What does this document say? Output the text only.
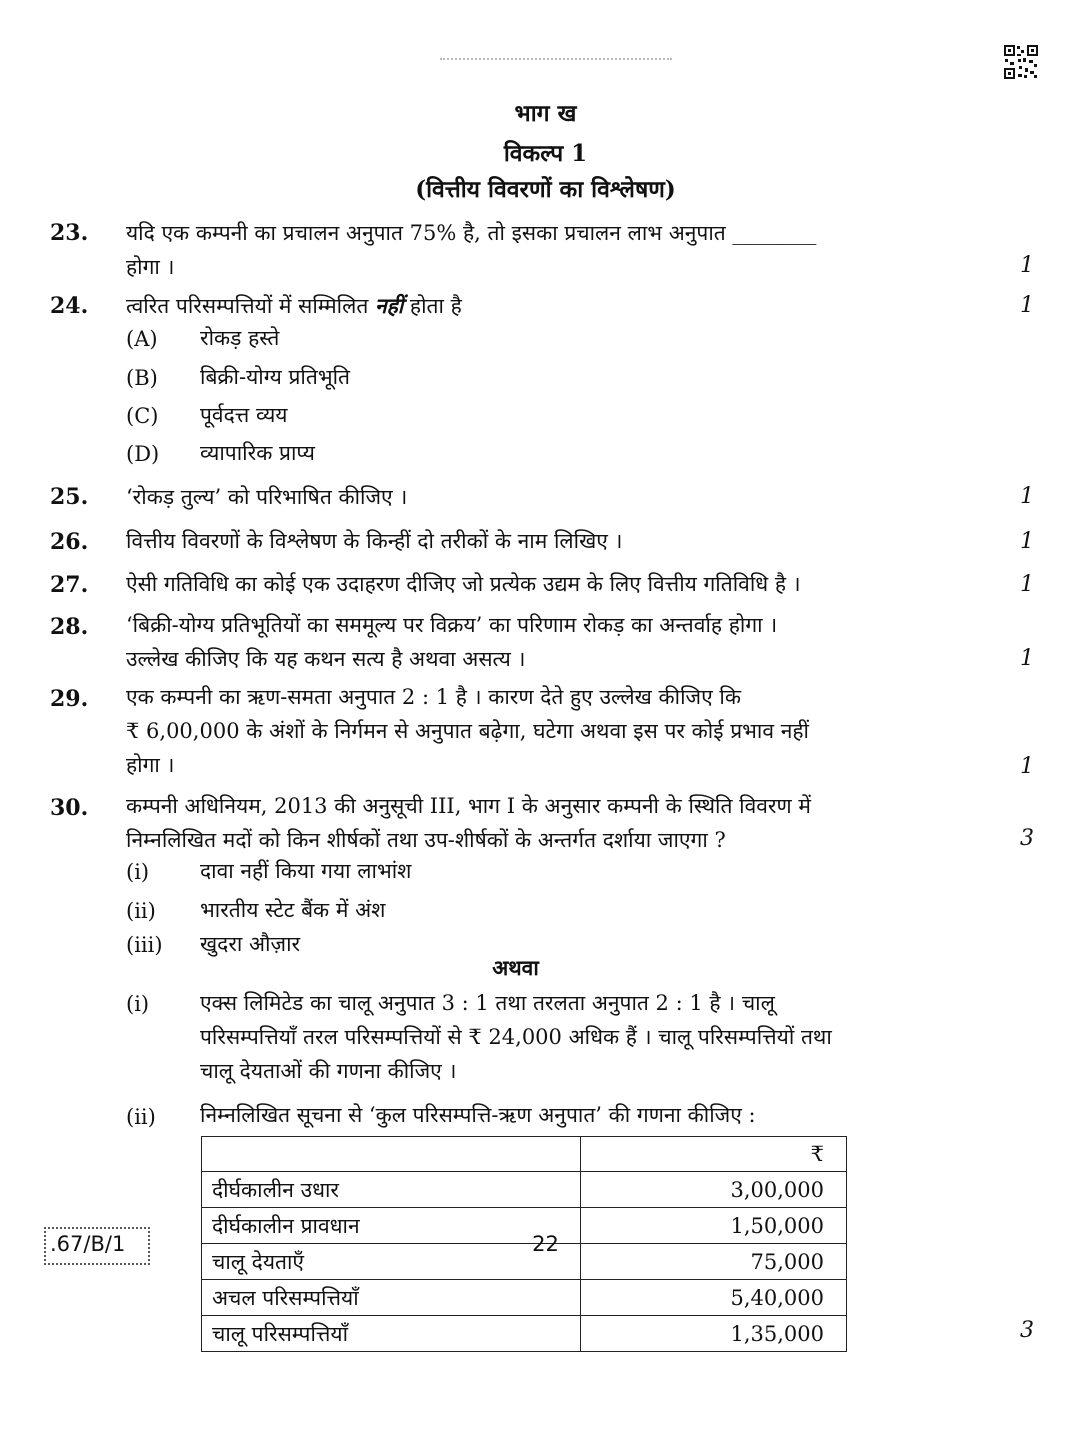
भाग ख
विकल्प 1
(वित्तीय विवरणों का विश्लेषण)
23. यदि एक कम्पनी का प्रचालन अनुपात 75% है, तो इसका प्रचालन लाभ अनुपात ________
होगा ।	1
24. त्वरित परिसम्पत्तियों में सम्मिलित नहीं होता है	1
(A) रोकड़ हस्ते
(B) बिक्री-योग्य प्रतिभूति
(C) पूर्वदत्त व्यय
(D) व्यापारिक प्राप्य
25. ‘रोकड़ तुल्य’ को परिभाषित कीजिए ।	1
26. वित्तीय विवरणों के विश्लेषण के किन्हीं दो तरीकों के नाम लिखिए ।	1
27. ऐसी गतिविधि का कोई एक उदाहरण दीजिए जो प्रत्येक उद्यम के लिए वित्तीय गतिविधि है ।	1
28. ‘बिक्री-योग्य प्रतिभूतियों का सममूल्य पर विक्रय’ का परिणाम रोकड़ का अन्तर्वाह होगा ।
उल्लेख कीजिए कि यह कथन सत्य है अथवा असत्य ।	1
29. एक कम्पनी का ऋण-समता अनुपात 2 : 1 है । कारण देते हुए उल्लेख कीजिए कि
₹ 6,00,000 के अंशों के निर्गमन से अनुपात बढ़ेगा, घटेगा अथवा इस पर कोई प्रभाव नहीं
होगा ।	1
30. कम्पनी अधिनियम, 2013 की अनुसूची III, भाग I के अनुसार कम्पनी के स्थिति विवरण में
निम्नलिखित मदों को किन शीर्षकों तथा उप-शीर्षकों के अन्तर्गत दर्शाया जाएगा ?	3
(i) दावा नहीं किया गया लाभांश
(ii) भारतीय स्टेट बैंक में अंश
(iii) खुदरा औज़ार
अथवा
(i) एक्स लिमिटेड का चालू अनुपात 3 : 1 तथा तरलता अनुपात 2 : 1 है । चालू
परिसम्पत्तियाँ तरल परिसम्पत्तियों से ₹ 24,000 अधिक हैं । चालू परिसम्पत्तियों तथा
चालू देयताओं की गणना कीजिए ।
(ii) निम्नलिखित सूचना से ‘कुल परिसम्पत्ति-ऋण अनुपात’ की गणना कीजिए :
	₹
दीर्घकालीन उधार	3,00,000
दीर्घकालीन प्रावधान	1,50,000
चालू देयताएँ	75,000
अचल परिसम्पत्तियाँ	5,40,000
चालू परिसम्पत्तियाँ	1,35,000	3
.67/B/1	22
